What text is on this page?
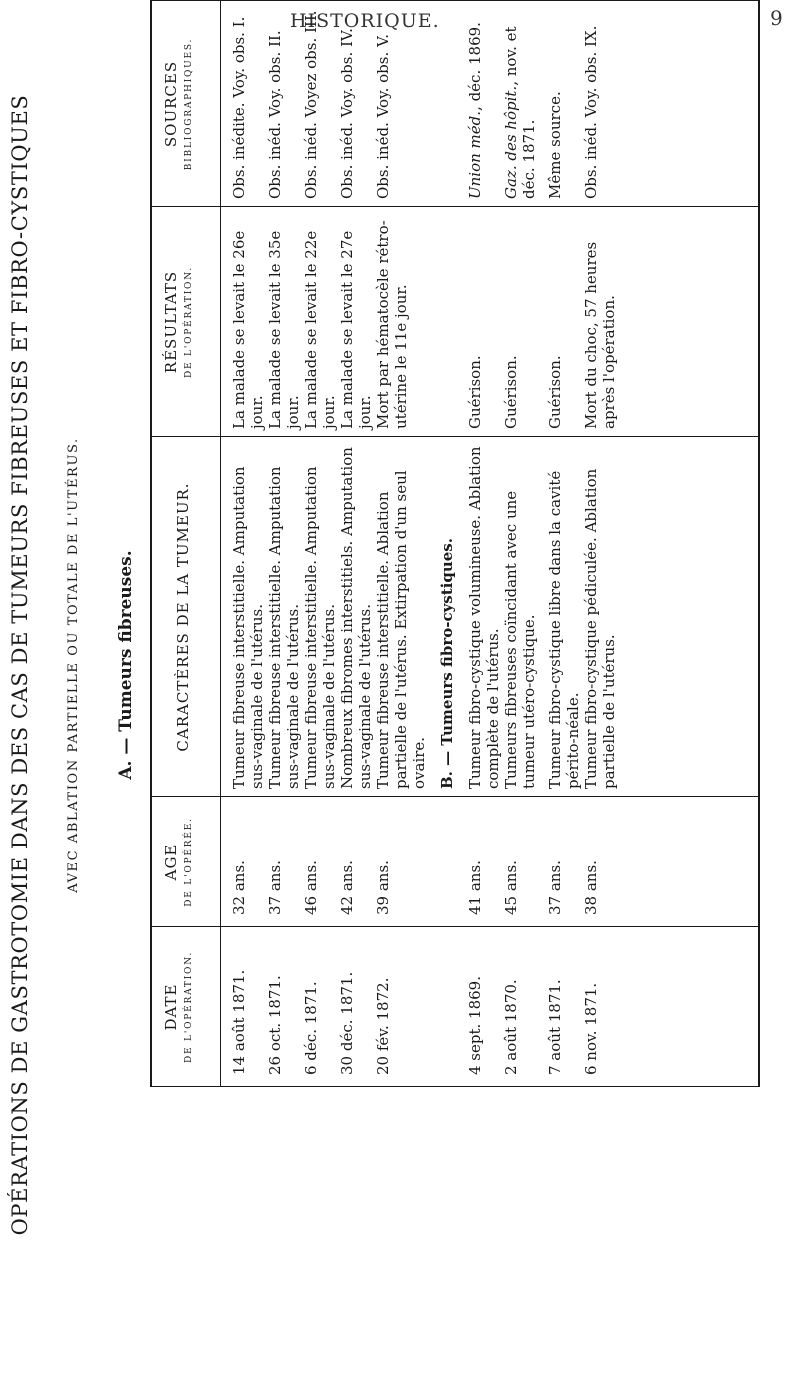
HISTORIQUE.	9
OPÉRATIONS DE GASTROTOMIE DANS DES CAS DE TUMEURS FIBREUSES ET FIBRO-CYSTIQUES	AVEC ABLATION PARTIELLE OU TOTALE DE L'UTÉRUS. A. — Tumeurs fibreuses.
DATE DE L'OPÉRATION.
AGE DE L'OPÉRÉE.
CARACTÈRES DE LA TUMEUR.
RÉSULTATS DE L'OPÉRATION.
SOURCES BIBLIOGRAPHIQUES.
14 août 1871.
32 ans.
Tumeur fibreuse interstitielle. Amputation sus-vaginale de l'utérus.
La malade se levait le 26e jour.
Obs. inédite. Voy. obs. I.
26 oct. 1871.
37 ans.
Tumeur fibreuse interstitielle. Amputation sus-vaginale de l'utérus.
La malade se levait le 35e jour.
Obs. inéd. Voy. obs. II.
6 déc. 1871.
46 ans.
Tumeur fibreuse interstitielle. Amputation sus-vaginale de l'utérus.
La malade se levait le 22e jour.
Obs. inéd. Voyez obs. III.
30 déc. 1871.
42 ans.
Nombreux fibromes interstitiels. Amputation sus-vaginale de l'utérus.
La malade se levait le 27e jour.
Obs. inéd. Voy. obs. IV.
20 fév. 1872.
39 ans.
Tumeur fibreuse interstitielle. Ablation partielle de l'utérus. Extirpation d'un seul ovaire.
Mort par hématocèle rétro-utérine le 11e jour.
Obs. inéd. Voy. obs. V.
B. — Tumeurs fibro-cystiques.
4 sept. 1869.
41 ans.
Tumeur fibro-cystique volumineuse. Ablation complète de l'utérus.
Guérison.
Union méd., déc. 1869.
2 août 1870.
45 ans.
Tumeurs fibreuses coïncidant avec une tumeur utéro-cystique.
Guérison.
Gaz. des hôpit., nov. et déc. 1871.
7 août 1871.
37 ans.
Tumeur fibro-cystique libre dans la cavité périto-néale.
Guérison.
Même source.
6 nov. 1871.
38 ans.
Tumeur fibro-cystique pédiculée. Ablation partielle de l'utérus.
Mort du choc, 57 heures après l'opération.
Obs. inéd. Voy. obs. IX.
